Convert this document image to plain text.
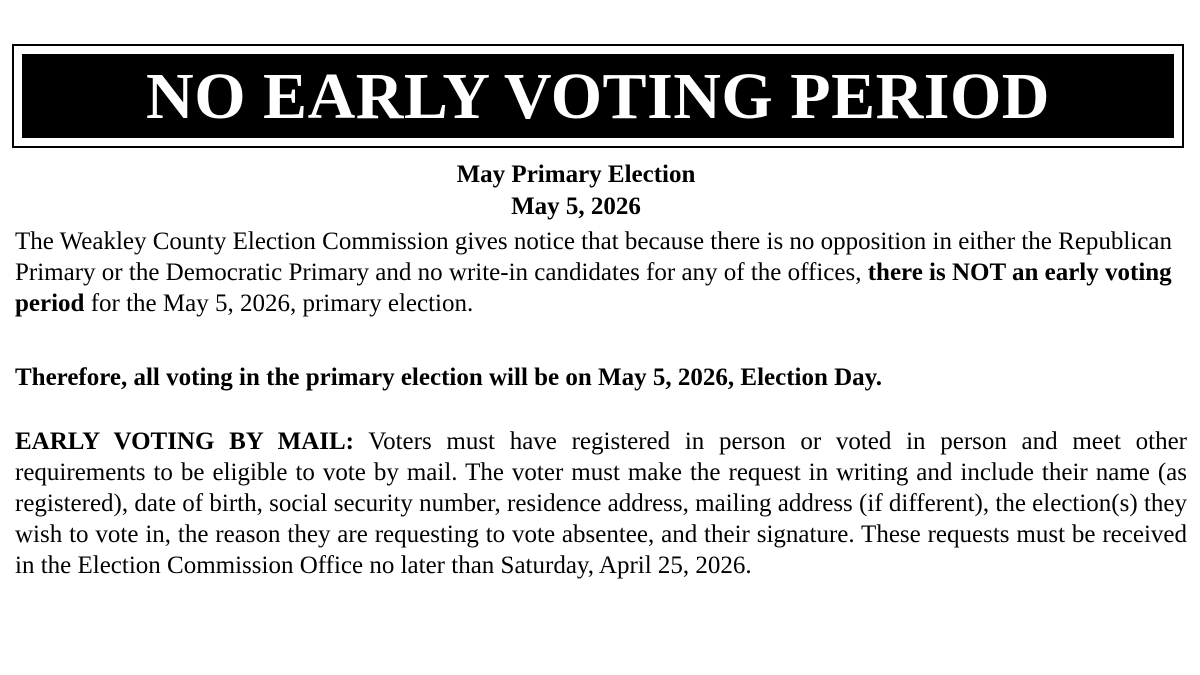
NO EARLY VOTING PERIOD
May Primary Election
May 5, 2026

The Weakley County Election Commission gives notice that because there is no opposition in either the Republican Primary or the Democratic Primary and no write-in candidates for any of the offices, there is NOT an early voting period for the May 5, 2026, primary election.

Therefore, all voting in the primary election will be on May 5, 2026, Election Day.

EARLY VOTING BY MAIL: Voters must have registered in person or voted in person and meet other requirements to be eligible to vote by mail. The voter must make the request in writing and include their name (as registered), date of birth, social security number, residence address, mailing address (if different), the election(s) they wish to vote in, the reason they are requesting to vote absentee, and their signature. These requests must be received in the Election Commission Office no later than Saturday, April 25, 2026.
